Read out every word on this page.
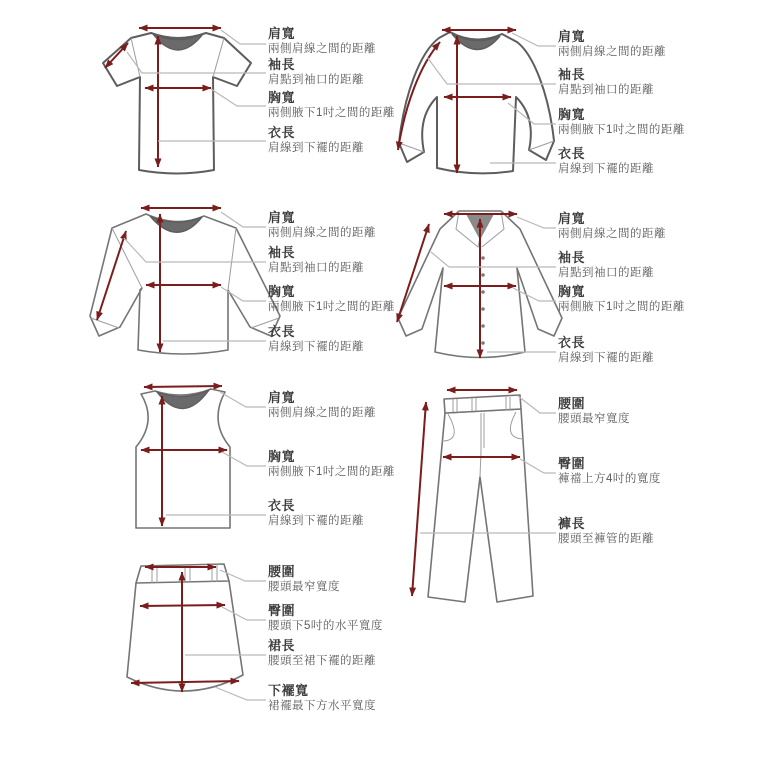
肩寬
兩側肩線之間的距離
袖長
肩點到袖口的距離
胸寬
兩側腋下1吋之間的距離
衣長
肩線到下襬的距離
肩寬
兩側肩線之間的距離
袖長
肩點到袖口的距離
胸寬
兩側腋下1吋之間的距離
衣長
肩線到下襬的距離
肩寬
兩側肩線之間的距離
袖長
肩點到袖口的距離
胸寬
兩側腋下1吋之間的距離
衣長
肩線到下襬的距離
肩寬
兩側肩線之間的距離
袖長
肩點到袖口的距離
胸寬
兩側腋下1吋之間的距離
衣長
肩線到下襬的距離
肩寬
兩側肩線之間的距離
胸寬
兩側腋下1吋之間的距離
衣長
肩線到下襬的距離
腰圍
腰頭最窄寬度
臀圍
褲襠上方4吋的寬度
褲長
腰頭至褲管的距離
腰圍
腰頭最窄寬度
臀圍
腰頭下5吋的水平寬度
裙長
腰頭至裙下襬的距離
下襬寬
裙襬最下方水平寬度
